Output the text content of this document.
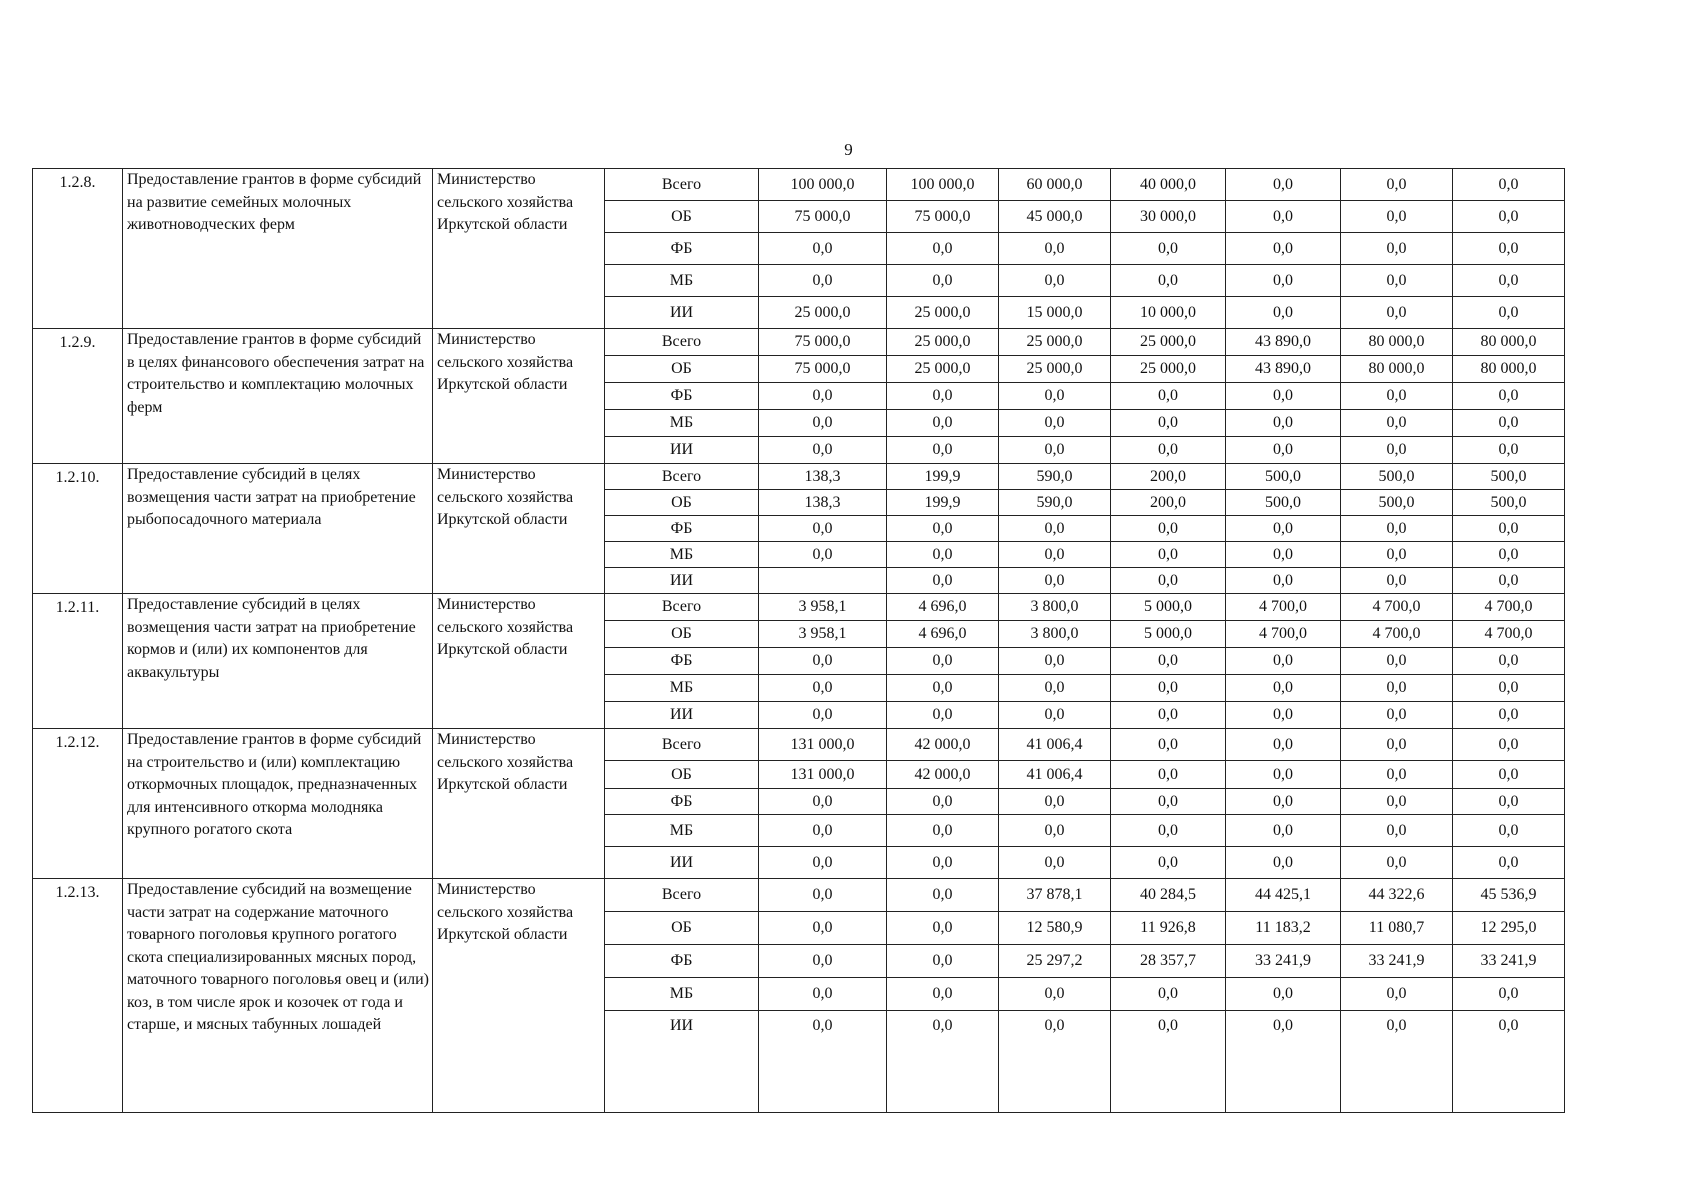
9
1.2.8.	Предоставление грантов в форме субсидий на развитие семейных молочных животноводческих ферм	Министерство сельского хозяйства Иркутской области	Всего	100 000,0	100 000,0	60 000,0	40 000,0	0,0	0,0	0,0
			ОБ	75 000,0	75 000,0	45 000,0	30 000,0	0,0	0,0	0,0
			ФБ	0,0	0,0	0,0	0,0	0,0	0,0	0,0
			МБ	0,0	0,0	0,0	0,0	0,0	0,0	0,0
			ИИ	25 000,0	25 000,0	15 000,0	10 000,0	0,0	0,0	0,0
1.2.9.	Предоставление грантов в форме субсидий в целях финансового обеспечения затрат на строительство и комплектацию молочных ферм	Министерство сельского хозяйства Иркутской области	Всего	75 000,0	25 000,0	25 000,0	25 000,0	43 890,0	80 000,0	80 000,0
			ОБ	75 000,0	25 000,0	25 000,0	25 000,0	43 890,0	80 000,0	80 000,0
			ФБ	0,0	0,0	0,0	0,0	0,0	0,0	0,0
			МБ	0,0	0,0	0,0	0,0	0,0	0,0	0,0
			ИИ	0,0	0,0	0,0	0,0	0,0	0,0	0,0
1.2.10.	Предоставление субсидий в целях возмещения части затрат на приобретение рыбопосадочного материала	Министерство сельского хозяйства Иркутской области	Всего	138,3	199,9	590,0	200,0	500,0	500,0	500,0
			ОБ	138,3	199,9	590,0	200,0	500,0	500,0	500,0
			ФБ	0,0	0,0	0,0	0,0	0,0	0,0	0,0
			МБ	0,0	0,0	0,0	0,0	0,0	0,0	0,0
			ИИ		0,0	0,0	0,0	0,0	0,0	0,0
1.2.11.	Предоставление субсидий в целях возмещения части затрат на приобретение кормов и (или) их компонентов для аквакультуры	Министерство сельского хозяйства Иркутской области	Всего	3 958,1	4 696,0	3 800,0	5 000,0	4 700,0	4 700,0	4 700,0
			ОБ	3 958,1	4 696,0	3 800,0	5 000,0	4 700,0	4 700,0	4 700,0
			ФБ	0,0	0,0	0,0	0,0	0,0	0,0	0,0
			МБ	0,0	0,0	0,0	0,0	0,0	0,0	0,0
			ИИ	0,0	0,0	0,0	0,0	0,0	0,0	0,0
1.2.12.	Предоставление грантов в форме субсидий на строительство и (или) комплектацию откормочных площадок, предназначенных для интенсивного откорма молодняка крупного рогатого скота	Министерство сельского хозяйства Иркутской области	Всего	131 000,0	42 000,0	41 006,4	0,0	0,0	0,0	0,0
			ОБ	131 000,0	42 000,0	41 006,4	0,0	0,0	0,0	0,0
			ФБ	0,0	0,0	0,0	0,0	0,0	0,0	0,0
			МБ	0,0	0,0	0,0	0,0	0,0	0,0	0,0
			ИИ	0,0	0,0	0,0	0,0	0,0	0,0	0,0
1.2.13.	Предоставление субсидий на возмещение части затрат на содержание маточного товарного поголовья крупного рогатого скота специализированных мясных пород, маточного товарного поголовья овец и (или) коз, в том числе ярок и козочек от года и старше, и мясных табунных лошадей	Министерство сельского хозяйства Иркутской области	Всего	0,0	0,0	37 878,1	40 284,5	44 425,1	44 322,6	45 536,9
			ОБ	0,0	0,0	12 580,9	11 926,8	11 183,2	11 080,7	12 295,0
			ФБ	0,0	0,0	25 297,2	28 357,7	33 241,9	33 241,9	33 241,9
			МБ	0,0	0,0	0,0	0,0	0,0	0,0	0,0
			ИИ	0,0	0,0	0,0	0,0	0,0	0,0	0,0
